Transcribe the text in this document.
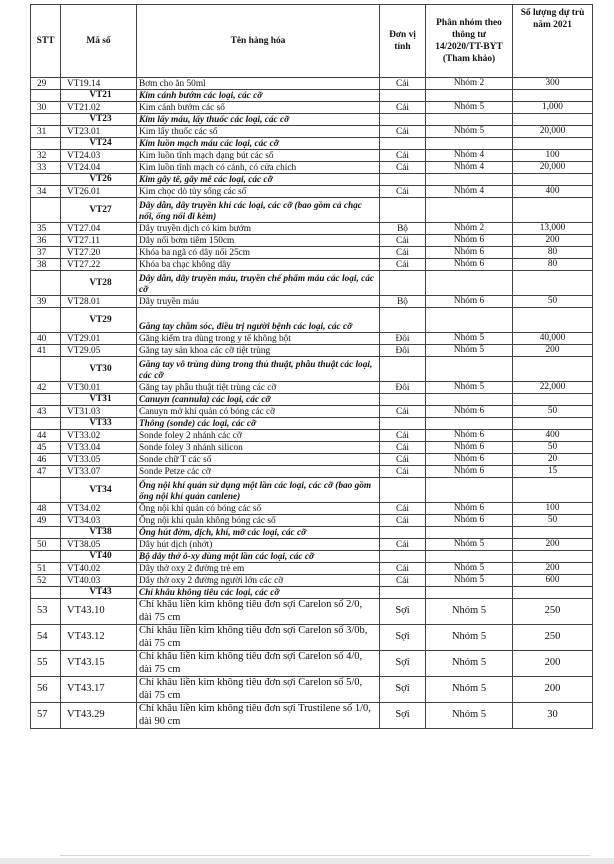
STT	Mã số	Tên hàng hóa	Đơn vị tính	Phân nhóm theo thông tư 14/2020/TT-BYT (Tham khảo)	Số lượng dự trù năm 2021
29	VT19.14	Bơm cho ăn 50ml	Cái	Nhóm 2	300
	VT21	Kim cánh bướm các loại, các cỡ			
30	VT21.02	Kim cánh bướm các số	Cái	Nhóm 5	1,000
	VT23	Kim lấy máu, lấy thuốc các loại, các cỡ			
31	VT23.01	Kim lấy thuốc các số	Cái	Nhóm 5	20,000
	VT24	Kim luồn mạch máu các loại, các cỡ			
32	VT24.03	Kim luồn tĩnh mạch dạng bút các số	Cái	Nhóm 4	100
33	VT24.04	Kim luồn tĩnh mạch có cánh, có cửa chích	Cái	Nhóm 4	20,000
	VT26	Kim gây tê, gây mê các loại, các cỡ			
34	VT26.01	Kim chọc dò tủy sống các số	Cái	Nhóm 4	400
	VT27	Dây dẫn, dây truyền khí các loại, các cỡ (bao gồm cả chạc nối, ống nối đi kèm)			
35	VT27.04	Dây truyền dịch có kim bướm	Bộ	Nhóm 2	13,000
36	VT27.11	Dây nối bơm tiêm 150cm	Cái	Nhóm 6	200
37	VT27.20	Khóa ba ngã có dây nối 25cm	Cái	Nhóm 6	80
38	VT27.22	Khóa ba chạc không dây	Cái	Nhóm 6	80
	VT28	Dây dẫn, dây truyền máu, truyền chế phẩm máu các loại, các cỡ			
39	VT28.01	Dây truyền máu	Bộ	Nhóm 6	50
	VT29	Găng tay chăm sóc, điều trị người bệnh các loại, các cỡ			
40	VT29.01	Găng kiểm tra dùng trong y tế không bột	Đôi	Nhóm 5	40,000
41	VT29.05	Găng tay sản khoa các cỡ tiệt trùng	Đôi	Nhóm 5	200
	VT30	Găng tay vô trùng dùng trong thủ thuật, phẫu thuật các loại, các cỡ			
42	VT30.01	Găng tay phẫu thuật tiệt trùng các cỡ	Đôi	Nhóm 5	22,000
	VT31	Canuyn (cannula) các loại, các cỡ			
43	VT31.03	Canuyn mở khí quản có bóng các cỡ	Cái	Nhóm 6	50
	VT33	Thông (sonde) các loại, các cỡ			
44	VT33.02	Sonde foley 2 nhánh các cỡ	Cái	Nhóm 6	400
45	VT33.04	Sonde foley 3 nhánh silicon	Cái	Nhóm 6	50
46	VT33.05	Sonde chữ T các số	Cái	Nhóm 6	20
47	VT33.07	Sonde Petze các cỡ	Cái	Nhóm 6	15
	VT34	Ống nội khí quản sử dụng một lần các loại, các cỡ (bao gồm ống nội khí quản canlene)			
48	VT34.02	Ống nội khí quản có bóng các số	Cái	Nhóm 6	100
49	VT34.03	Ống nội khí quản không bóng các số	Cái	Nhóm 6	50
	VT38	Ống hút đờm, dịch, khí, mỡ các loại, các cỡ			
50	VT38.05	Dây hút dịch (nhớt)	Cái	Nhóm 5	200
	VT40	Bộ dây thở ô-xy dùng một lần các loại, các cỡ			
51	VT40.02	Dây thở oxy 2 đường trẻ em	Cái	Nhóm 5	200
52	VT40.03	Dây thở oxy 2 đường người lớn các cỡ	Cái	Nhóm 5	600
	VT43	Chỉ khâu không tiêu các loại, các cỡ			
53	VT43.10	Chỉ khâu liền kim không tiêu đơn sợi Carelon số 2/0, dài 75 cm	Sợi	Nhóm 5	250
54	VT43.12	Chỉ khâu liền kim không tiêu đơn sợi Carelon số 3/0b, dài 75 cm	Sợi	Nhóm 5	250
55	VT43.15	Chỉ khâu liền kim không tiêu đơn sợi Carelon số 4/0, dài 75 cm	Sợi	Nhóm 5	200
56	VT43.17	Chỉ khâu liền kim không tiêu đơn sợi Carelon số 5/0, dài 75 cm	Sợi	Nhóm 5	200
57	VT43.29	Chỉ khâu liền kim không tiêu đơn sợi Trustilene số 1/0, dài 90 cm	Sợi	Nhóm 5	30
